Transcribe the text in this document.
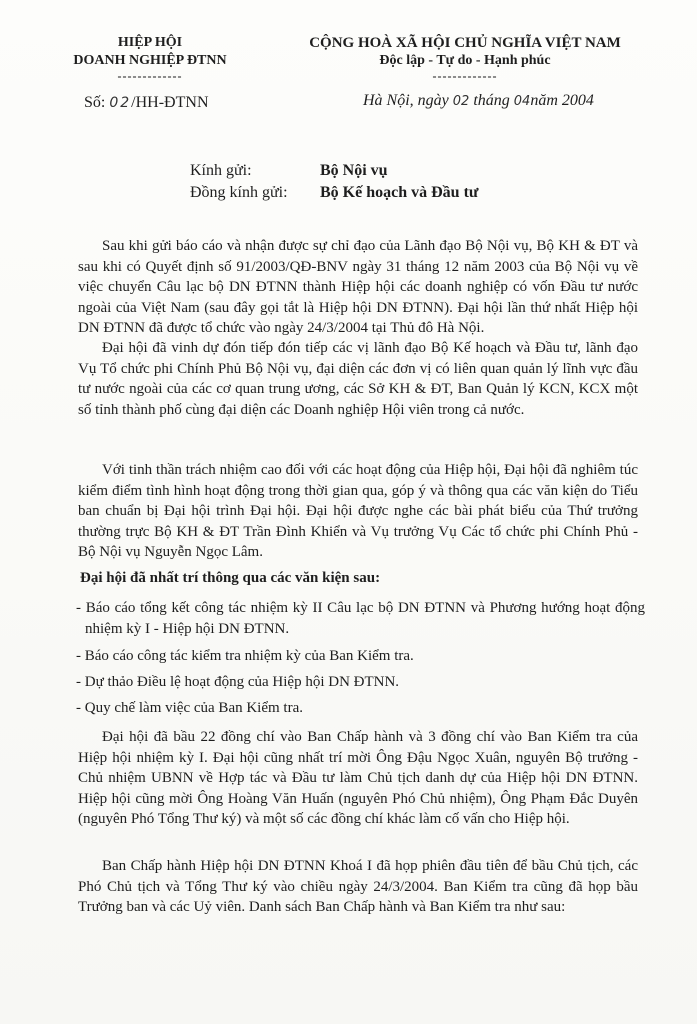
HIỆP HỘI
DOANH NGHIỆP ĐTNN
-------------
CỘNG HOÀ XÃ HỘI CHỦ NGHĨA VIỆT NAM
Độc lập - Tự do - Hạnh phúc
-------------
Số: 02/HH-ĐTNN	Hà Nội, ngày 02 tháng 04năm 2004
Kính gửi:	Bộ Nội vụ
Đồng kính gửi: Bộ Kế hoạch và Đầu tư
Sau khi gửi báo cáo và nhận được sự chỉ đạo của Lãnh đạo Bộ Nội vụ, Bộ KH & ĐT và sau khi có Quyết định số 91/2003/QĐ-BNV ngày 31 tháng 12 năm 2003 của Bộ Nội vụ về việc chuyển Câu lạc bộ DN ĐTNN thành Hiệp hội các doanh nghiệp có vốn Đầu tư nước ngoài của Việt Nam (sau đây gọi tắt là Hiệp hội DN ĐTNN). Đại hội lần thứ nhất Hiệp hội DN ĐTNN đã được tổ chức vào ngày 24/3/2004 tại Thủ đô Hà Nội.
Đại hội đã vinh dự đón tiếp đón tiếp các vị lãnh đạo Bộ Kế hoạch và Đầu tư, lãnh đạo Vụ Tổ chức phi Chính Phủ Bộ Nội vụ, đại diện các đơn vị có liên quan quản lý lĩnh vực đầu tư nước ngoài của các cơ quan trung ương, các Sở KH & ĐT, Ban Quản lý KCN, KCX một số tỉnh thành phố cùng đại diện các Doanh nghiệp Hội viên trong cả nước.
Với tinh thần trách nhiệm cao đối với các hoạt động của Hiệp hội, Đại hội đã nghiêm túc kiểm điểm tình hình hoạt động trong thời gian qua, góp ý và thông qua các văn kiện do Tiểu ban chuẩn bị Đại hội trình Đại hội. Đại hội được nghe các bài phát biểu của Thứ trưởng thường trực Bộ KH & ĐT Trần Đình Khiển và Vụ trưởng Vụ Các tổ chức phi Chính Phủ - Bộ Nội vụ Nguyễn Ngọc Lâm.
Đại hội đã nhất trí thông qua các văn kiện sau:
- Báo cáo tổng kết công tác nhiệm kỳ II Câu lạc bộ DN ĐTNN và Phương hướng hoạt động nhiệm kỳ I - Hiệp hội DN ĐTNN.
- Báo cáo công tác kiểm tra nhiệm kỳ của Ban Kiểm tra.
- Dự thảo Điều lệ hoạt động của Hiệp hội DN ĐTNN.
- Quy chế làm việc của Ban Kiểm tra.
Đại hội đã bầu 22 đồng chí vào Ban Chấp hành và 3 đồng chí vào Ban Kiểm tra của Hiệp hội nhiệm kỳ I. Đại hội cũng nhất trí mời Ông Đậu Ngọc Xuân, nguyên Bộ trưởng - Chủ nhiệm UBNN về Hợp tác và Đầu tư làm Chủ tịch danh dự của Hiệp hội DN ĐTNN. Hiệp hội cũng mời Ông Hoàng Văn Huấn (nguyên Phó Chủ nhiệm), Ông Phạm Đắc Duyên (nguyên Phó Tổng Thư ký) và một số các đồng chí khác làm cố vấn cho Hiệp hội.
Ban Chấp hành Hiệp hội DN ĐTNN Khoá I đã họp phiên đầu tiên để bầu Chủ tịch, các Phó Chủ tịch và Tổng Thư ký vào chiều ngày 24/3/2004. Ban Kiểm tra cũng đã họp bầu Trưởng ban và các Uỷ viên. Danh sách Ban Chấp hành và Ban Kiểm tra như sau:
